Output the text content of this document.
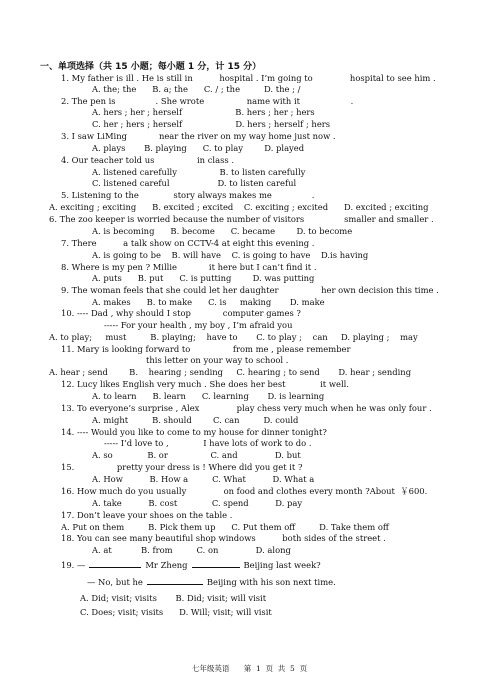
一、单项选择（共 15 小题；每小题 1 分，计 15 分）
1. My father is ill . He is still in          hospital . I’m going to              hospital to see him .
A. the; the      B. a; the      C. / ; the         D. the ; /
2. The pen is               . She wrote                name with it                   .
A. hers ; her ; herself                    B. hers ; her ; hers
C. her ; hers ; herself                    D. hers ; herself ; hers
3. I saw LiMing            near the river on my way home just now .
A. plays       B. playing      C. to play        D. played
4. Our teacher told us                in class .
A. listened carefully                B. to listen carefully
C. listened careful                  D. to listen careful
5. Listening to the             story always makes me               .
A. exciting ; exciting      B. excited ; excited    C. exciting ; excited      D. excited ; exciting
6. The zoo keeper is worried because the number of visitors               smaller and smaller .
A. is becoming      B. become      C. became        D. to become
7. There          a talk show on CCTV-4 at eight this evening .
A. is going to be    B. will have    C. is going to have    D.is having
8. Where is my pen ? Millie            it here but I can’t find it .
A. puts      B. put      C. is putting        D. was putting
9. The woman feels that she could let her daughter                her own decision this time .
A. makes      B. to make      C. is     making       D. make
10. ---- Dad , why should I stop            computer games ?
----- For your health , my boy , I’m afraid you
A. to play;     must         B. playing;    have to       C. to play ;    can     D. playing ;    may
11. Mary is looking forward to                from me , please remember
this letter on your way to school .
A. hear ; send        B.    hearing ; sending     C. hearing ; to send       D. hear ; sending
12. Lucy likes English very much . She does her best             it well.
A. to learn      B. learn      C. learning       D. is learning
13. To everyone’s surprise , Alex              play chess very much when he was only four .
A. might         B. should        C. can         D. could
14. ---- Would you like to come to my house for dinner tonight?
----- I’d love to ,             I have lots of work to do .
A. so             B. or                C. and              D. but
15.                pretty your dress is ! Where did you get it ?
A. How          B. How a         C. What          D. What a
16. How much do you usually              on food and clothes every month ?About  ￥600.
A. take          B. cost             C. spend          D. pay
17. Don’t leave your shoes on the table .
A. Put on them         B. Pick them up      C. Put them off         D. Take them off
18. You can see many beautiful shop windows          both sides of the street .
A. at           B. from         C. on              D. along
19. —	Mr Zheng	Beijing last week?
— No, but he	Beijing with his son next time.
A. Did; visit; visits       B. Did; visit; will visit
C. Does; visit; visits      D. Will; visit; will visit
七年级英语      第  1  页  共  5  页
